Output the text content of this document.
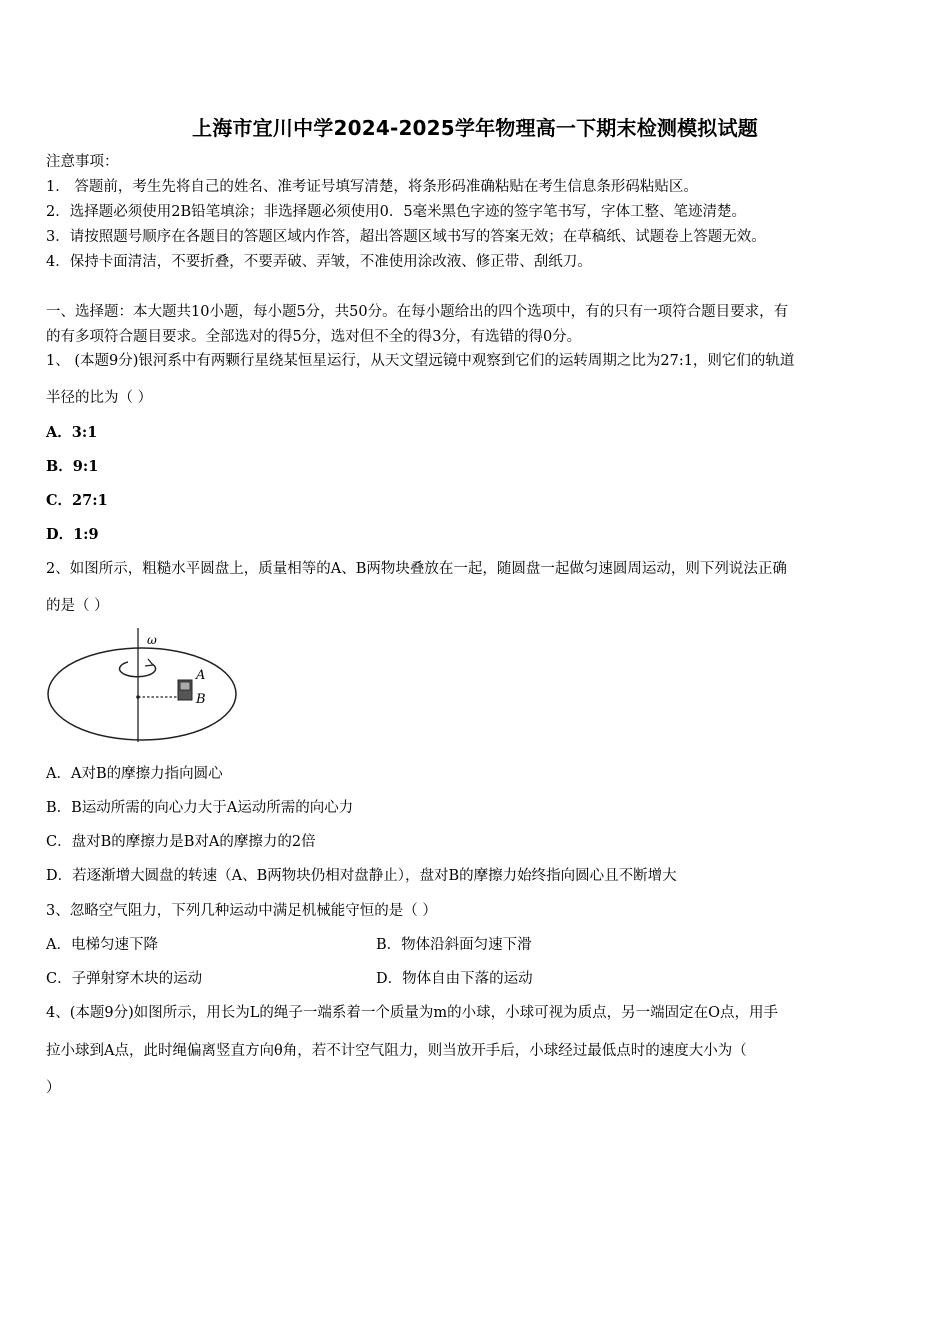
上海市宜川中学2024-2025学年物理高一下期末检测模拟试题
注意事项：
1． 答题前，考生先将自己的姓名、准考证号填写清楚，将条形码准确粘贴在考生信息条形码粘贴区。
2．选择题必须使用2B铅笔填涂；非选择题必须使用0．5毫米黑色字迹的签字笔书写，字体工整、笔迹清楚。
3．请按照题号顺序在各题目的答题区域内作答，超出答题区域书写的答案无效；在草稿纸、试题卷上答题无效。
4．保持卡面清洁，不要折叠，不要弄破、弄皱，不准使用涂改液、修正带、刮纸刀。
一、选择题：本大题共10小题，每小题5分，共50分。在每小题给出的四个选项中，有的只有一项符合题目要求，有
的有多项符合题目要求。全部选对的得5分，选对但不全的得3分，有选错的得0分。
1、 (本题9分)银河系中有两颗行星绕某恒星运行，从天文望远镜中观察到它们的运转周期之比为27:1，则它们的轨道
半径的比为（ ）
A．3:1
B．9:1
C．27:1
D．1:9
2、如图所示，粗糙水平圆盘上，质量相等的A、B两物块叠放在一起，随圆盘一起做匀速圆周运动，则下列说法正确
的是（ ）
ω
A
B
A．A对B的摩擦力指向圆心
B．B运动所需的向心力大于A运动所需的向心力
C．盘对B的摩擦力是B对A的摩擦力的2倍
D．若逐渐增大圆盘的转速（A、B两物块仍相对盘静止），盘对B的摩擦力始终指向圆心且不断增大
3、忽略空气阻力，下列几种运动中满足机械能守恒的是（ ）
A．电梯匀速下降	B．物体沿斜面匀速下滑
C．子弹射穿木块的运动	D．物体自由下落的运动
4、(本题9分)如图所示，用长为L的绳子一端系着一个质量为m的小球，小球可视为质点，另一端固定在O点，用手
拉小球到A点，此时绳偏离竖直方向θ角，若不计空气阻力，则当放开手后，小球经过最低点时的速度大小为（
）
